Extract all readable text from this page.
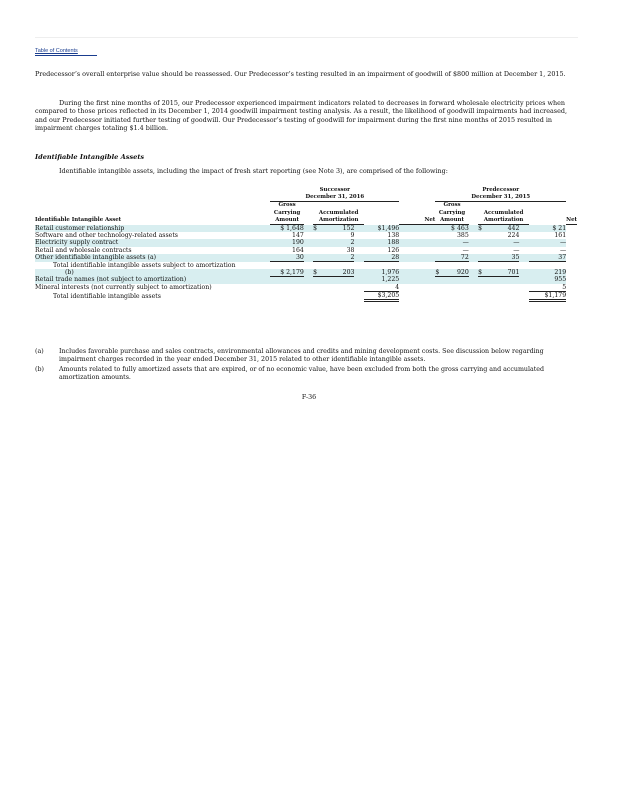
Table of Contents
Predecessor’s overall enterprise value should be reassessed. Our Predecessor’s testing resulted in an impairment of goodwill of $800 million at December 1, 2015.
During the first nine months of 2015, our Predecessor experienced impairment indicators related to decreases in forward wholesale electricity prices when compared to those prices reflected in its December 1, 2014 goodwill impairment testing analysis. As a result, the likelihood of goodwill impairments had increased, and our Predecessor initiated further testing of goodwill. Our Predecessor’s testing of goodwill for impairment during the first nine months of 2015 resulted in impairment charges totaling $1.4 billion.
Identifiable Intangible Assets
Identifiable intangible assets, including the impact of fresh start reporting (see Note 3), are comprised of the following:
	Successor							Predecessor						
	December 31, 2016							December 31, 2015						
	Gross							Gross						
	Carrying		Accumulated					Carrying		Accumulated				
Identifiable Intangible Asset	Amount		Amortization				Net	Amount		Amortization				Net
Retail customer relationship	$ 1,648		$	152		$1,496		$ 463		$	442		$ 21	
Software and other technology-related assets	147			9		138		385			224		161	
Electricity supply contract	190			2		188		—			—		—	
Retail and wholesale contracts	164			38		126		—			—		—	
Other identifiable intangible assets (a)	30			2		28		72			35		37	
Total identifiable intangible assets subject to amortization														
(b)	$ 2,179		$	203		1,976		$ 920		$	701		219	
Retail trade names (not subject to amortization)						1,225							955	
Mineral interests (not currently subject to amortization)						4							5	
Total identifiable intangible assets						$3,205							$1,179	
(a)	Includes favorable purchase and sales contracts, environmental allowances and credits and mining development costs. See discussion below regarding impairment charges recorded in the year ended December 31, 2015 related to other identifiable intangible assets.
(b)	Amounts related to fully amortized assets that are expired, or of no economic value, have been excluded from both the gross carrying and accumulated amortization amounts.
F-36
